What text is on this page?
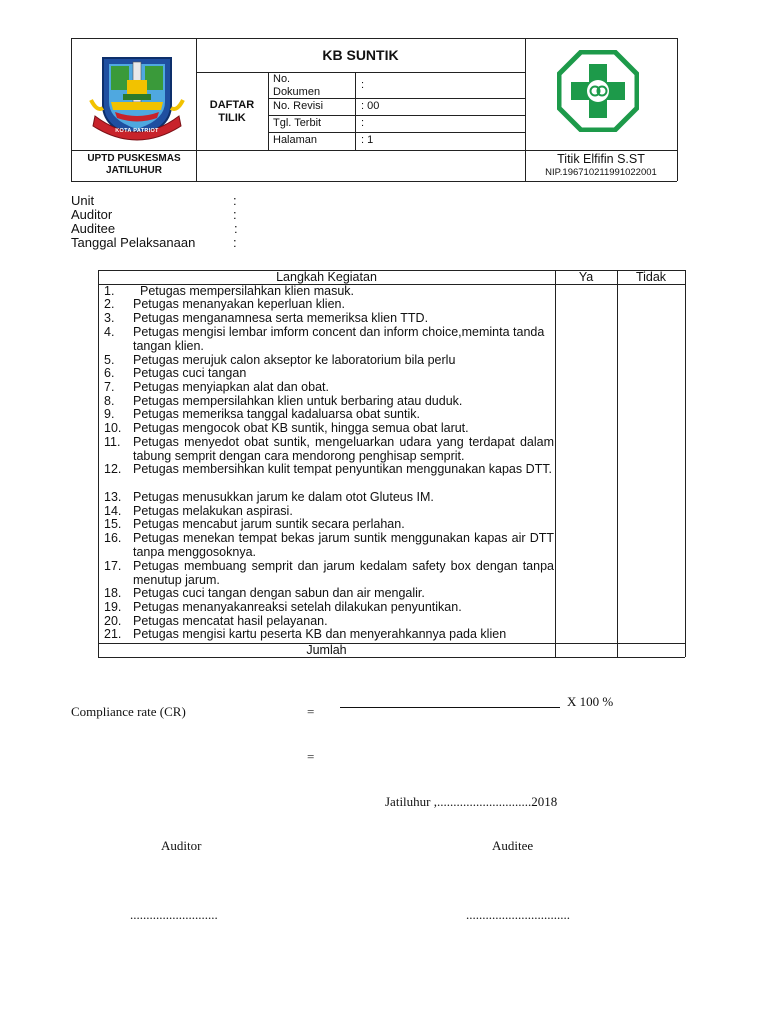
KOTA PATRIOT
KB SUNTIK
DAFTAR TILIK
No. Dokumen
:
No. Revisi	: 00
Tgl. Terbit	:
Halaman	: 1
UPTD PUSKESMAS JATILUHUR
Titik Elfifin S.ST
NIP.196710211991022001
Unit	:
Auditor	:
Auditee	:
Tanggal Pelaksanaan	:
Langkah Kegiatan	Ya	Tidak
1. Petugas mempersilahkan klien masuk.
2. Petugas menanyakan keperluan klien.
3. Petugas menganamnesa serta memeriksa klien TTD.
4. Petugas mengisi lembar imform concent dan inform choice,meminta tanda tangan klien.
5. Petugas merujuk calon akseptor ke laboratorium bila perlu
6. Petugas cuci tangan
7. Petugas menyiapkan alat dan obat.
8. Petugas mempersilahkan klien untuk berbaring atau duduk.
9. Petugas memeriksa tanggal kadaluarsa obat suntik.
10. Petugas mengocok obat KB suntik, hingga semua obat larut.
11. Petugas menyedot obat suntik, mengeluarkan udara yang terdapat dalam tabung semprit dengan cara mendorong penghisap semprit.
12. Petugas membersihkan kulit tempat penyuntikan menggunakan kapas DTT.
13. Petugas menusukkan jarum ke dalam otot Gluteus IM.
14. Petugas melakukan aspirasi.
15. Petugas mencabut jarum suntik secara perlahan.
16. Petugas menekan tempat bekas jarum suntik menggunakan kapas air DTT tanpa menggosoknya.
17. Petugas membuang semprit dan jarum kedalam safety box dengan tanpa menutup jarum.
18. Petugas cuci tangan dengan sabun dan air mengalir.
19. Petugas menanyakanreaksi setelah dilakukan penyuntikan.
20. Petugas mencatat hasil pelayanan.
21. Petugas mengisi kartu peserta KB dan menyerahkannya pada klien
Jumlah
Compliance rate (CR)	=
X 100 %
=
Jatiluhur ,.............................2018
Auditor	Auditee
...........................	................................
